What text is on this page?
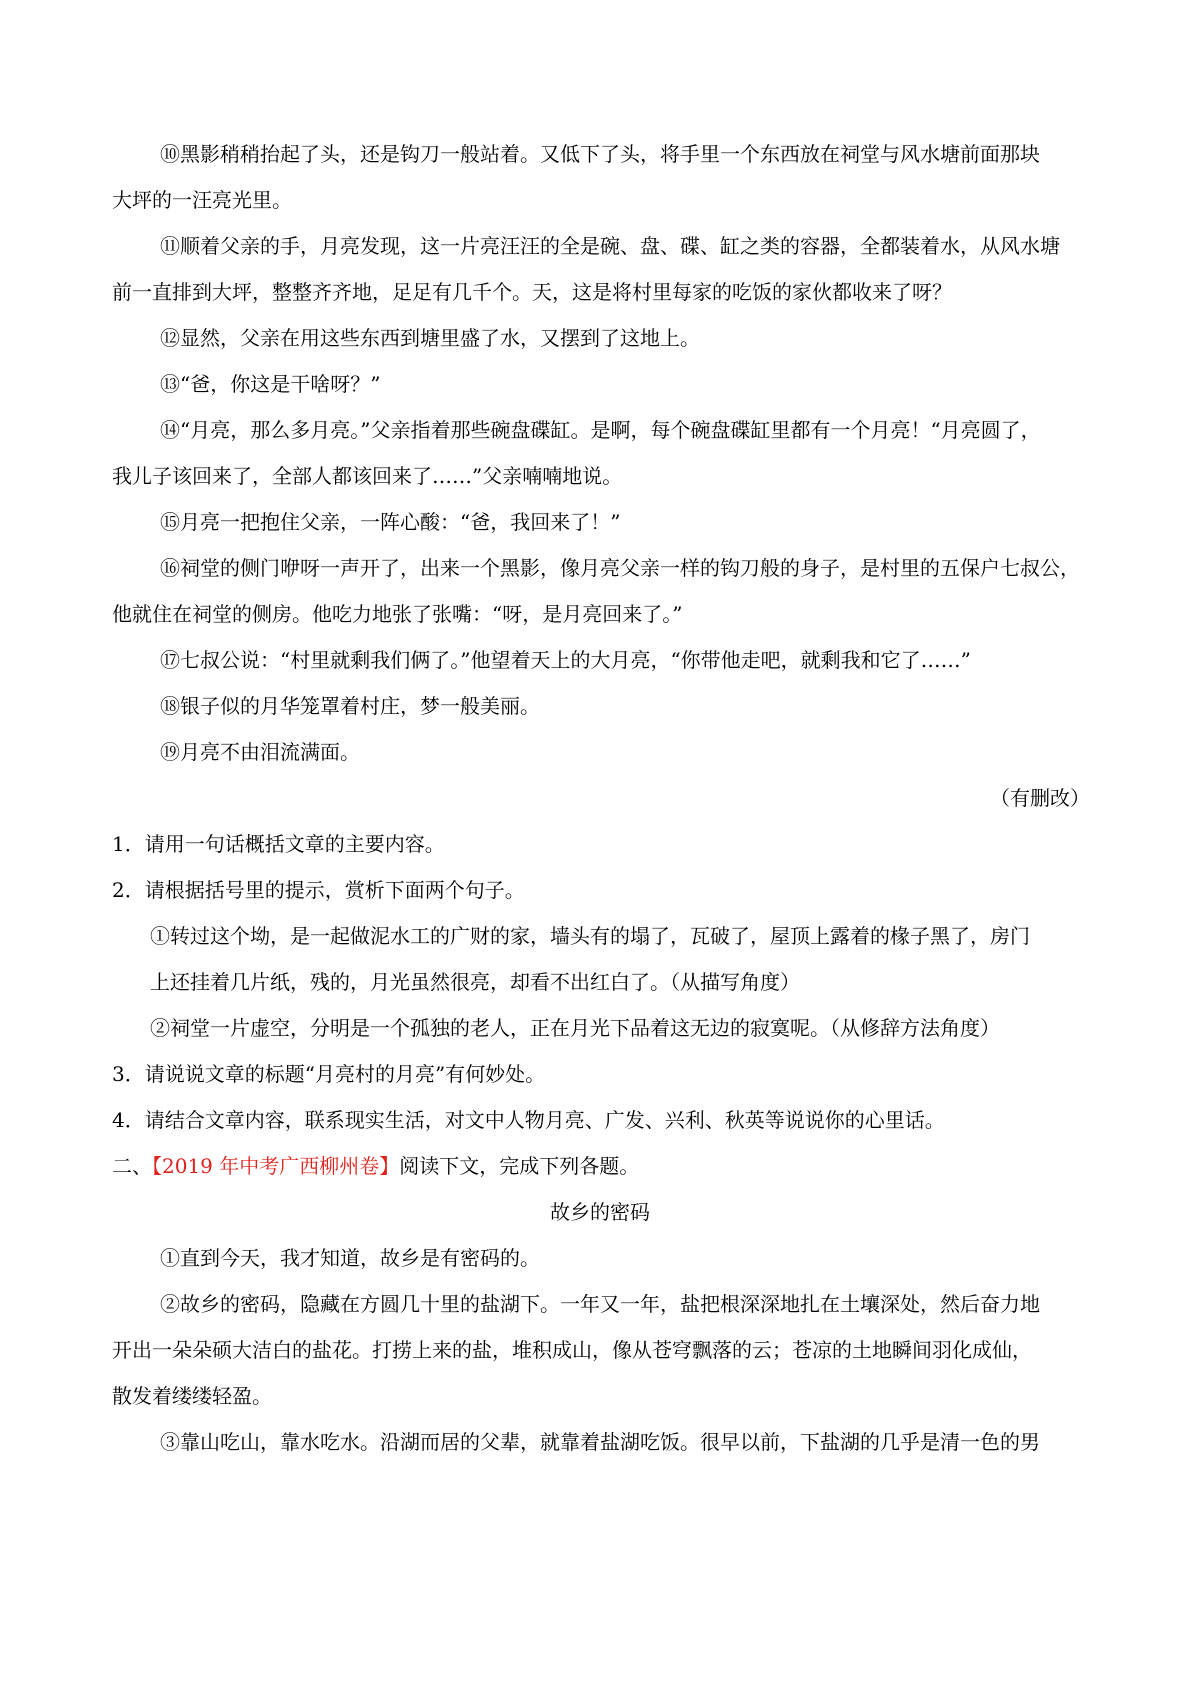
⑩黑影稍稍抬起了头，还是钩刀一般站着。又低下了头，将手里一个东西放在祠堂与风水塘前面那块
大坪的一汪亮光里。
⑪顺着父亲的手，月亮发现，这一片亮汪汪的全是碗、盘、碟、缸之类的容器，全都装着水，从风水塘
前一直排到大坪，整整齐齐地，足足有几千个。天，这是将村里每家的吃饭的家伙都收来了呀？
⑫显然，父亲在用这些东西到塘里盛了水，又摆到了这地上。
⑬“爸，你这是干啥呀？”
⑭“月亮，那么多月亮。”父亲指着那些碗盘碟缸。是啊，每个碗盘碟缸里都有一个月亮！“月亮圆了，
我儿子该回来了，全部人都该回来了……”父亲喃喃地说。
⑮月亮一把抱住父亲，一阵心酸：“爸，我回来了！”
⑯祠堂的侧门咿呀一声开了，出来一个黑影，像月亮父亲一样的钩刀般的身子，是村里的五保户七叔公，
他就住在祠堂的侧房。他吃力地张了张嘴：“呀，是月亮回来了。”
⑰七叔公说：“村里就剩我们俩了。”他望着天上的大月亮，“你带他走吧，就剩我和它了……”
⑱银子似的月华笼罩着村庄，梦一般美丽。
⑲月亮不由泪流满面。
（有删改）
1．请用一句话概括文章的主要内容。
2．请根据括号里的提示，赏析下面两个句子。
①转过这个坳，是一起做泥水工的广财的家，墙头有的塌了，瓦破了，屋顶上露着的椽子黑了，房门
上还挂着几片纸，残的，月光虽然很亮，却看不出红白了。（从描写角度）
②祠堂一片虚空，分明是一个孤独的老人，正在月光下品着这无边的寂寞呢。（从修辞方法角度）
3．请说说文章的标题“月亮村的月亮”有何妙处。
4．请结合文章内容，联系现实生活，对文中人物月亮、广发、兴利、秋英等说说你的心里话。
二、【2019 年中考广西柳州卷】阅读下文，完成下列各题。
故乡的密码
①直到今天，我才知道，故乡是有密码的。
②故乡的密码，隐藏在方圆几十里的盐湖下。一年又一年，盐把根深深地扎在土壤深处，然后奋力地
开出一朵朵硕大洁白的盐花。打捞上来的盐，堆积成山，像从苍穹飘落的云；苍凉的土地瞬间羽化成仙，
散发着缕缕轻盈。
③靠山吃山，靠水吃水。沿湖而居的父辈，就靠着盐湖吃饭。很早以前，下盐湖的几乎是清一色的男
